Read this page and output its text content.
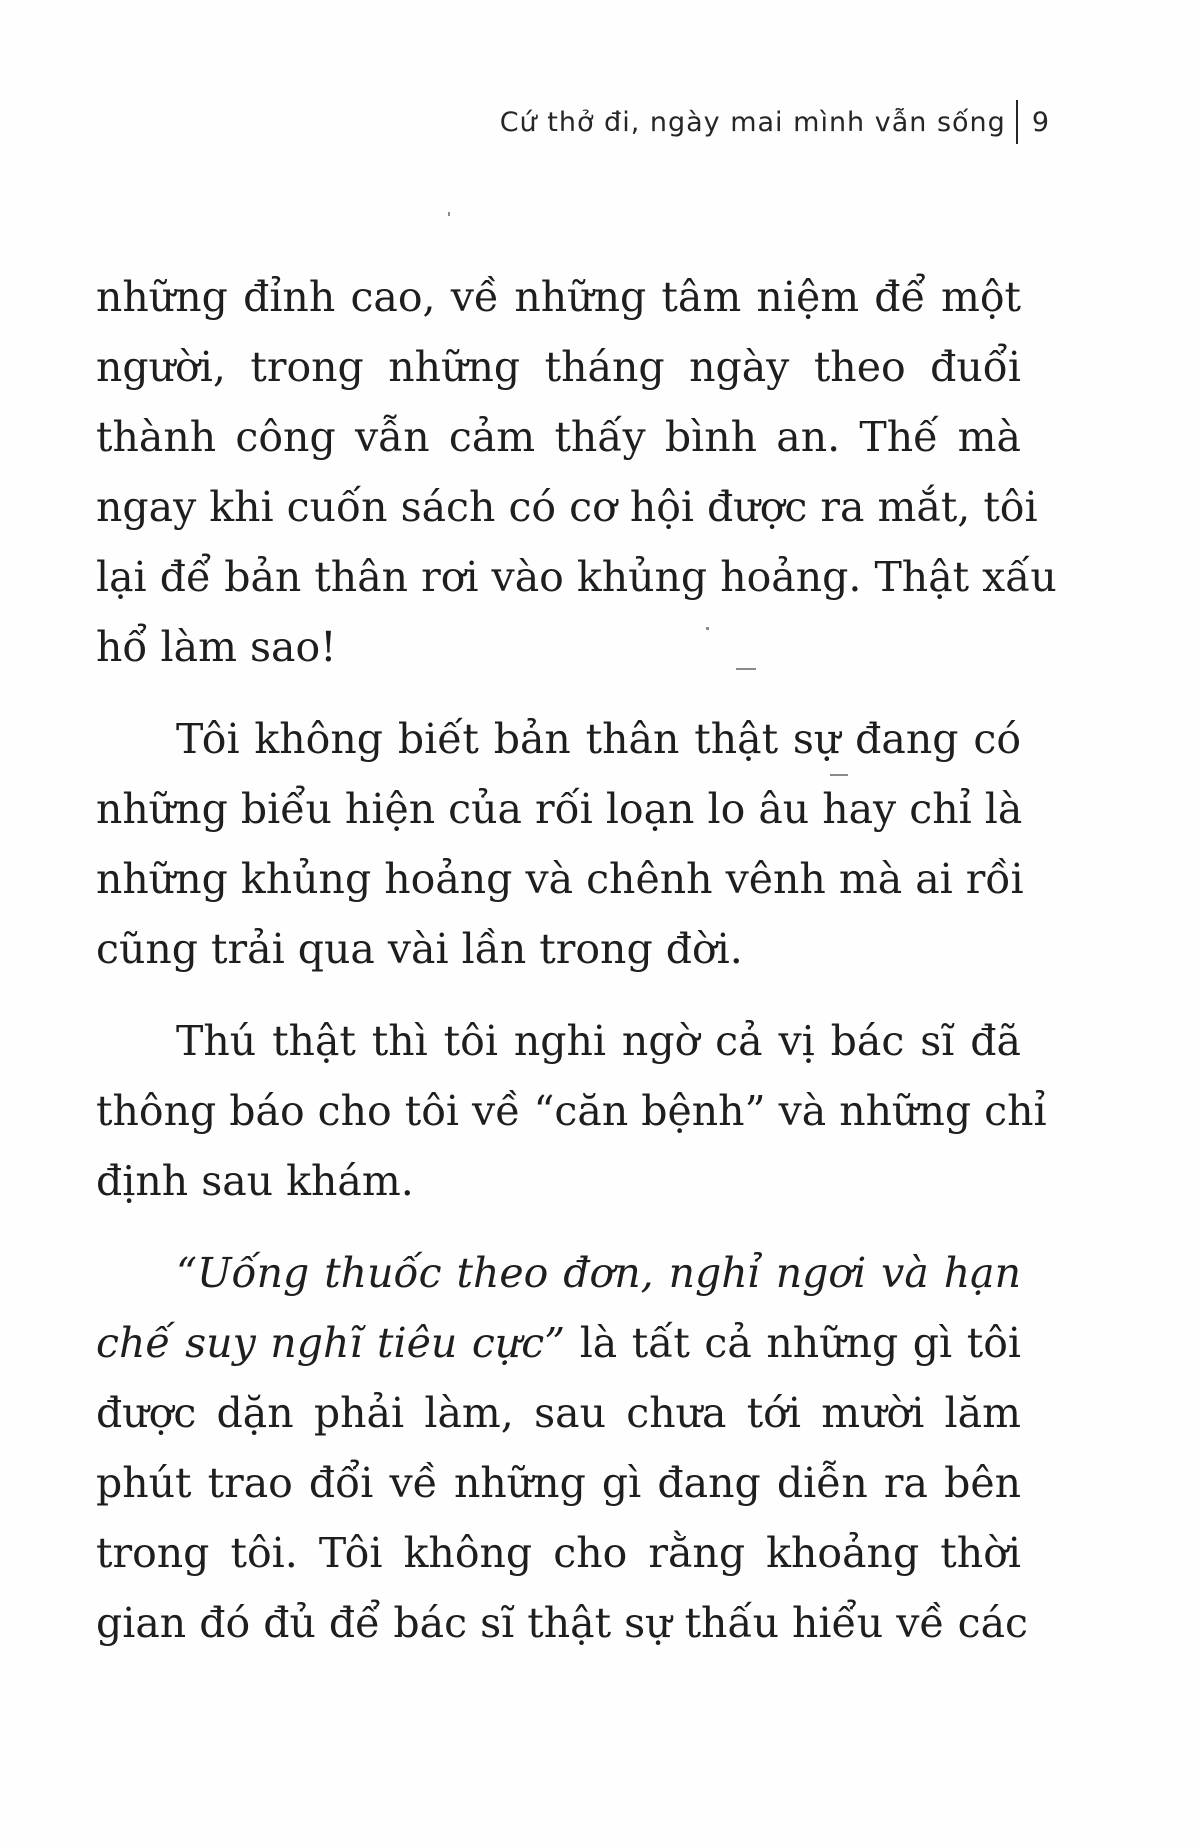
Cứ thở đi, ngày mai mình vẫn sống 9
những đỉnh cao, về những tâm niệm để một
người, trong những tháng ngày theo đuổi
thành công vẫn cảm thấy bình an. Thế mà
ngay khi cuốn sách có cơ hội được ra mắt, tôi
lại để bản thân rơi vào khủng hoảng. Thật xấu
hổ làm sao!
Tôi không biết bản thân thật sự đang có
những biểu hiện của rối loạn lo âu hay chỉ là
những khủng hoảng và chênh vênh mà ai rồi
cũng trải qua vài lần trong đời.
Thú thật thì tôi nghi ngờ cả vị bác sĩ đã
thông báo cho tôi về “căn bệnh” và những chỉ
định sau khám.
“Uống thuốc theo đơn, nghỉ ngơi và hạn
chế suy nghĩ tiêu cực” là tất cả những gì tôi
được dặn phải làm, sau chưa tới mười lăm
phút trao đổi về những gì đang diễn ra bên
trong tôi. Tôi không cho rằng khoảng thời
gian đó đủ để bác sĩ thật sự thấu hiểu về các
